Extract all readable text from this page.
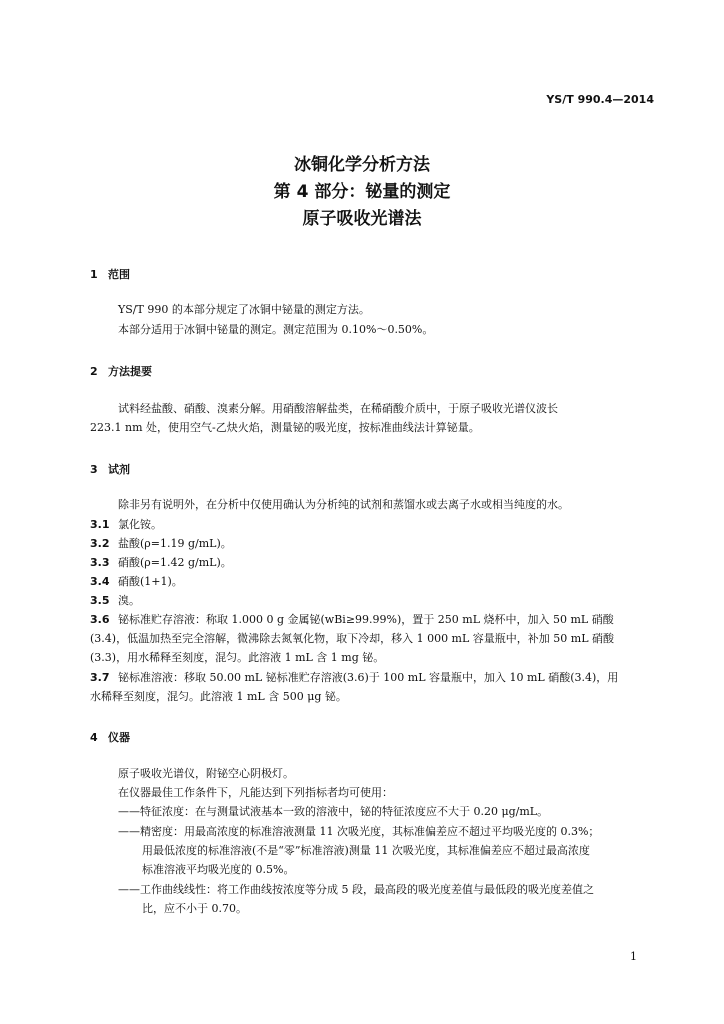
YS/T 990.4—2014
冰铜化学分析方法
第 4 部分：铋量的测定
原子吸收光谱法
1 范围
YS/T 990 的本部分规定了冰铜中铋量的测定方法。
本部分适用于冰铜中铋量的测定。测定范围为 0.10%～0.50%。
2 方法提要
试料经盐酸、硝酸、溴素分解。用硝酸溶解盐类，在稀硝酸介质中，于原子吸收光谱仪波长
223.1 nm 处，使用空气-乙炔火焰，测量铋的吸光度，按标准曲线法计算铋量。
3 试剂
除非另有说明外，在分析中仅使用确认为分析纯的试剂和蒸馏水或去离子水或相当纯度的水。
3.1 氯化铵。
3.2 盐酸(ρ=1.19 g/mL)。
3.3 硝酸(ρ=1.42 g/mL)。
3.4 硝酸(1+1)。
3.5 溴。
3.6 铋标准贮存溶液：称取 1.000 0 g 金属铋(wBi≥99.99%)，置于 250 mL 烧杯中，加入 50 mL 硝酸
(3.4)，低温加热至完全溶解，微沸除去氮氧化物，取下冷却，移入 1 000 mL 容量瓶中，补加 50 mL 硝酸
(3.3)，用水稀释至刻度，混匀。此溶液 1 mL 含 1 mg 铋。
3.7 铋标准溶液：移取 50.00 mL 铋标准贮存溶液(3.6)于 100 mL 容量瓶中，加入 10 mL 硝酸(3.4)，用
水稀释至刻度，混匀。此溶液 1 mL 含 500 μg 铋。
4 仪器
原子吸收光谱仪，附铋空心阴极灯。
在仪器最佳工作条件下，凡能达到下列指标者均可使用：
——特征浓度：在与测量试液基本一致的溶液中，铋的特征浓度应不大于 0.20 μg/mL。
——精密度：用最高浓度的标准溶液测量 11 次吸光度，其标准偏差应不超过平均吸光度的 0.3%；
用最低浓度的标准溶液(不是“零”标准溶液)测量 11 次吸光度，其标准偏差应不超过最高浓度
标准溶液平均吸光度的 0.5%。
——工作曲线线性：将工作曲线按浓度等分成 5 段，最高段的吸光度差值与最低段的吸光度差值之
比，应不小于 0.70。
1
